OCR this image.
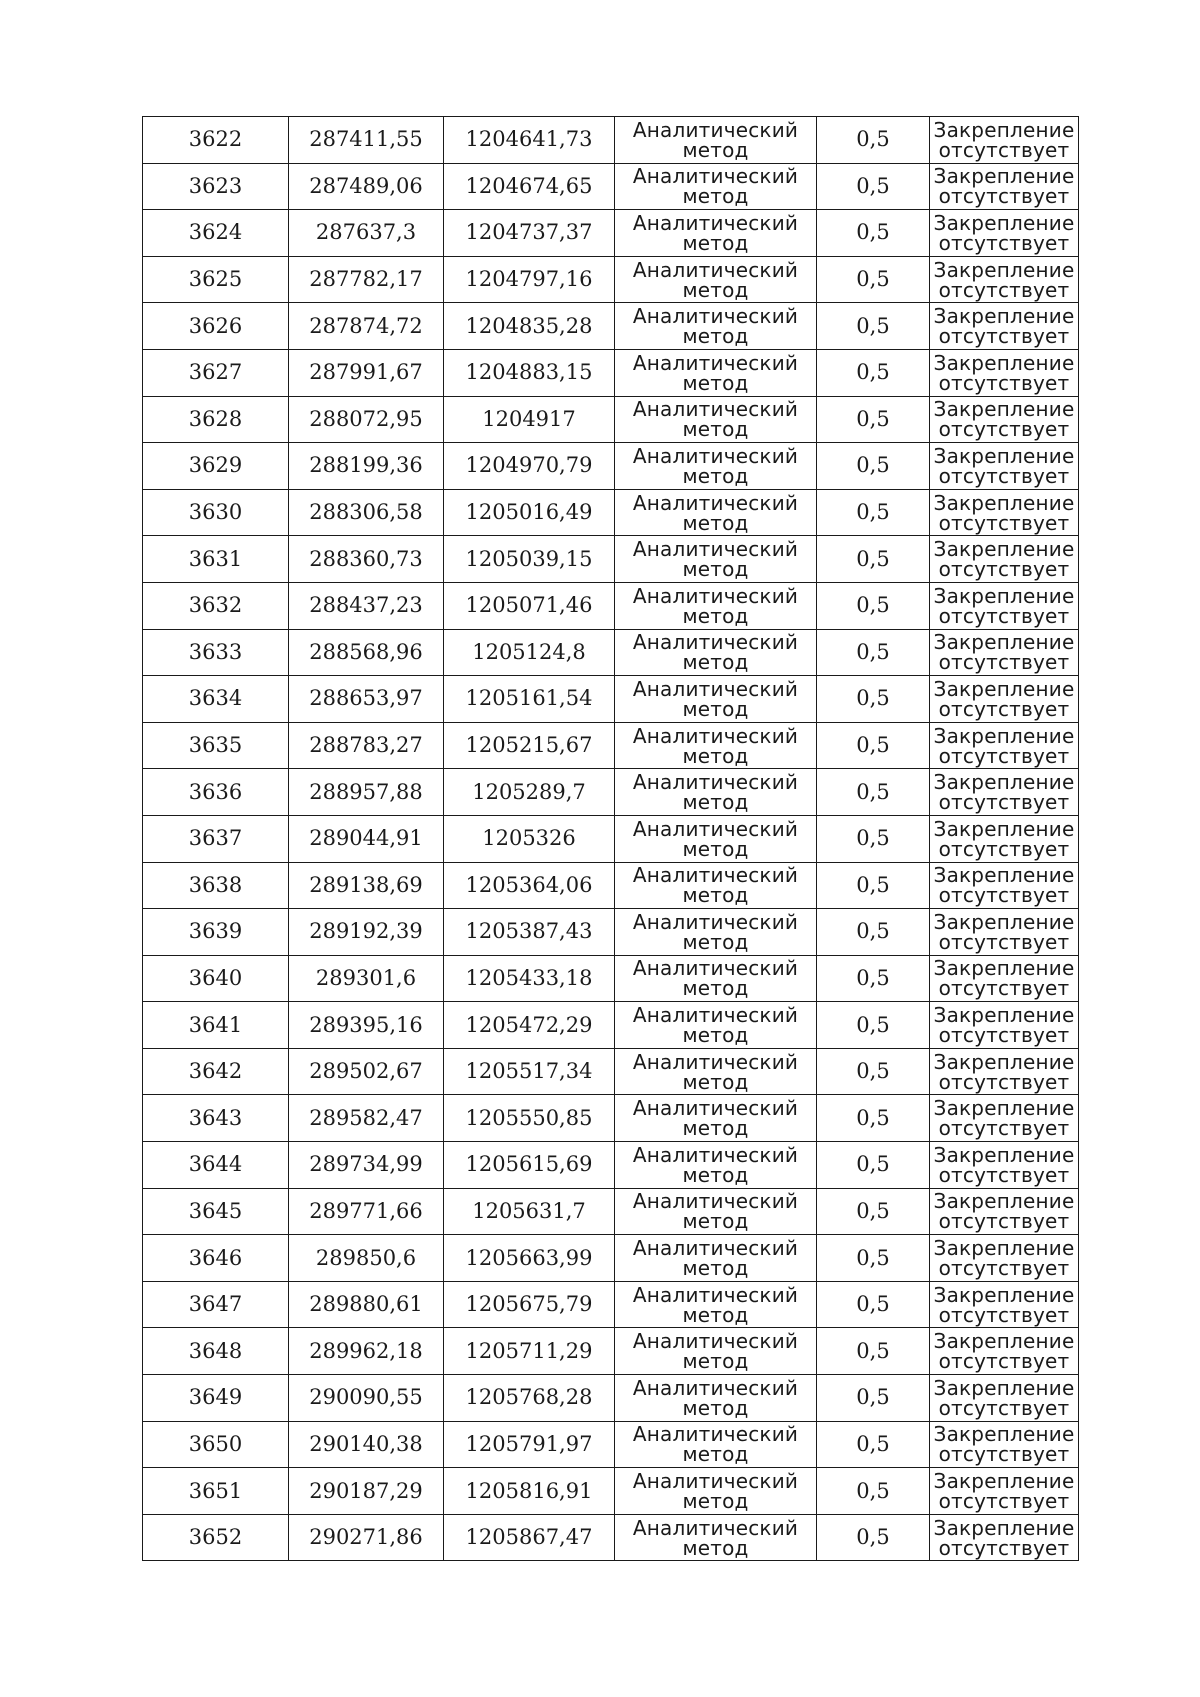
3622	287411,55	1204641,73	Аналитический метод	0,5	Закрепление отсутствует
3623	287489,06	1204674,65	Аналитический метод	0,5	Закрепление отсутствует
3624	287637,3	1204737,37	Аналитический метод	0,5	Закрепление отсутствует
3625	287782,17	1204797,16	Аналитический метод	0,5	Закрепление отсутствует
3626	287874,72	1204835,28	Аналитический метод	0,5	Закрепление отсутствует
3627	287991,67	1204883,15	Аналитический метод	0,5	Закрепление отсутствует
3628	288072,95	1204917	Аналитический метод	0,5	Закрепление отсутствует
3629	288199,36	1204970,79	Аналитический метод	0,5	Закрепление отсутствует
3630	288306,58	1205016,49	Аналитический метод	0,5	Закрепление отсутствует
3631	288360,73	1205039,15	Аналитический метод	0,5	Закрепление отсутствует
3632	288437,23	1205071,46	Аналитический метод	0,5	Закрепление отсутствует
3633	288568,96	1205124,8	Аналитический метод	0,5	Закрепление отсутствует
3634	288653,97	1205161,54	Аналитический метод	0,5	Закрепление отсутствует
3635	288783,27	1205215,67	Аналитический метод	0,5	Закрепление отсутствует
3636	288957,88	1205289,7	Аналитический метод	0,5	Закрепление отсутствует
3637	289044,91	1205326	Аналитический метод	0,5	Закрепление отсутствует
3638	289138,69	1205364,06	Аналитический метод	0,5	Закрепление отсутствует
3639	289192,39	1205387,43	Аналитический метод	0,5	Закрепление отсутствует
3640	289301,6	1205433,18	Аналитический метод	0,5	Закрепление отсутствует
3641	289395,16	1205472,29	Аналитический метод	0,5	Закрепление отсутствует
3642	289502,67	1205517,34	Аналитический метод	0,5	Закрепление отсутствует
3643	289582,47	1205550,85	Аналитический метод	0,5	Закрепление отсутствует
3644	289734,99	1205615,69	Аналитический метод	0,5	Закрепление отсутствует
3645	289771,66	1205631,7	Аналитический метод	0,5	Закрепление отсутствует
3646	289850,6	1205663,99	Аналитический метод	0,5	Закрепление отсутствует
3647	289880,61	1205675,79	Аналитический метод	0,5	Закрепление отсутствует
3648	289962,18	1205711,29	Аналитический метод	0,5	Закрепление отсутствует
3649	290090,55	1205768,28	Аналитический метод	0,5	Закрепление отсутствует
3650	290140,38	1205791,97	Аналитический метод	0,5	Закрепление отсутствует
3651	290187,29	1205816,91	Аналитический метод	0,5	Закрепление отсутствует
3652	290271,86	1205867,47	Аналитический метод	0,5	Закрепление отсутствует
